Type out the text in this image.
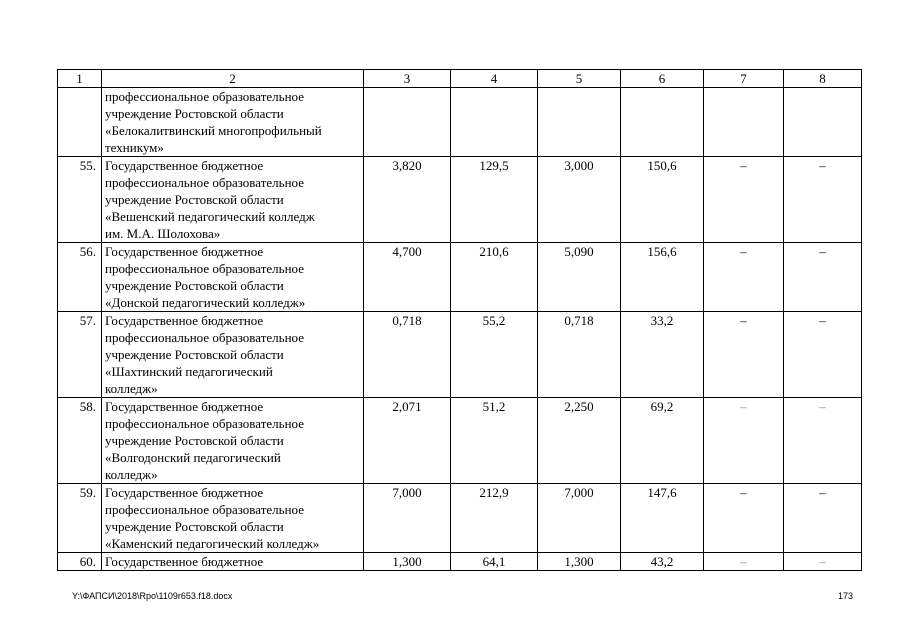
1	2	3	4	5	6	7	8

	профессиональное образовательное
учреждение Ростовской области
«Белокалитвинский многопрофильный
техникум»						

55.	Государственное бюджетное
профессиональное образовательное
учреждение Ростовской области
«Вешенский педагогический колледж
им. М.А. Шолохова»	3,820	129,5	3,000	150,6	–	–
56.	Государственное бюджетное
профессиональное образовательное
учреждение Ростовской области
«Донской педагогический колледж»	4,700	210,6	5,090	156,6	–	–
57.	Государственное бюджетное
профессиональное образовательное
учреждение Ростовской области
«Шахтинский педагогический
колледж»	0,718	55,2	0,718	33,2	–	–
58.	Государственное бюджетное
профессиональное образовательное
учреждение Ростовской области
«Волгодонский педагогический
колледж»	2,071	51,2	2,250	69,2	–	–
59.	Государственное бюджетное
профессиональное образовательное
учреждение Ростовской области
«Каменский педагогический колледж»	7,000	212,9	7,000	147,6	–	–
60.	Государственное бюджетное	1,300	64,1	1,300	43,2	–	–
Y:\ФАПСИ\2018\Rpo\1109r653.f18.docx	173
